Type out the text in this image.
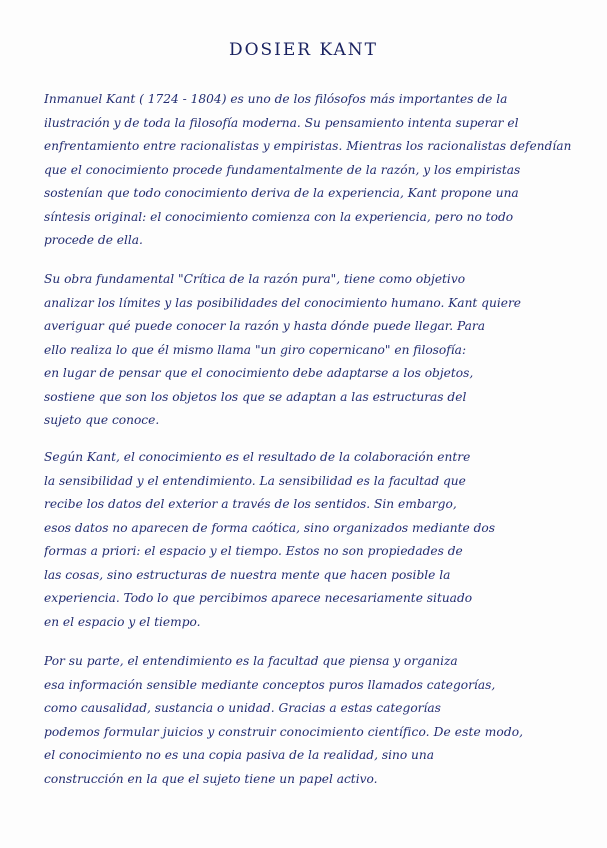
DOSIER KANT
Inmanuel Kant ( 1724 - 1804) es uno de los filósofos más importantes de la
ilustración y de toda la filosofía moderna. Su pensamiento intenta superar el
enfrentamiento entre racionalistas y empiristas. Mientras los racionalistas defendían
que el conocimiento procede fundamentalmente de la razón, y los empiristas
sostenían que todo conocimiento deriva de la experiencia, Kant propone una
síntesis original: el conocimiento comienza con la experiencia, pero no todo
procede de ella.
Su obra fundamental "Crítica de la razón pura", tiene como objetivo
analizar los límites y las posibilidades del conocimiento humano. Kant quiere
averiguar qué puede conocer la razón y hasta dónde puede llegar. Para
ello realiza lo que él mismo llama "un giro copernicano" en filosofía:
en lugar de pensar que el conocimiento debe adaptarse a los objetos,
sostiene que son los objetos los que se adaptan a las estructuras del
sujeto que conoce.
Según Kant, el conocimiento es el resultado de la colaboración entre
la sensibilidad y el entendimiento. La sensibilidad es la facultad que
recibe los datos del exterior a través de los sentidos. Sin embargo,
esos datos no aparecen de forma caótica, sino organizados mediante dos
formas a priori: el espacio y el tiempo. Estos no son propiedades de
las cosas, sino estructuras de nuestra mente que hacen posible la
experiencia. Todo lo que percibimos aparece necesariamente situado
en el espacio y el tiempo.
Por su parte, el entendimiento es la facultad que piensa y organiza
esa información sensible mediante conceptos puros llamados categorías,
como causalidad, sustancia o unidad. Gracias a estas categorías
podemos formular juicios y construir conocimiento científico. De este modo,
el conocimiento no es una copia pasiva de la realidad, sino una
construcción en la que el sujeto tiene un papel activo.
